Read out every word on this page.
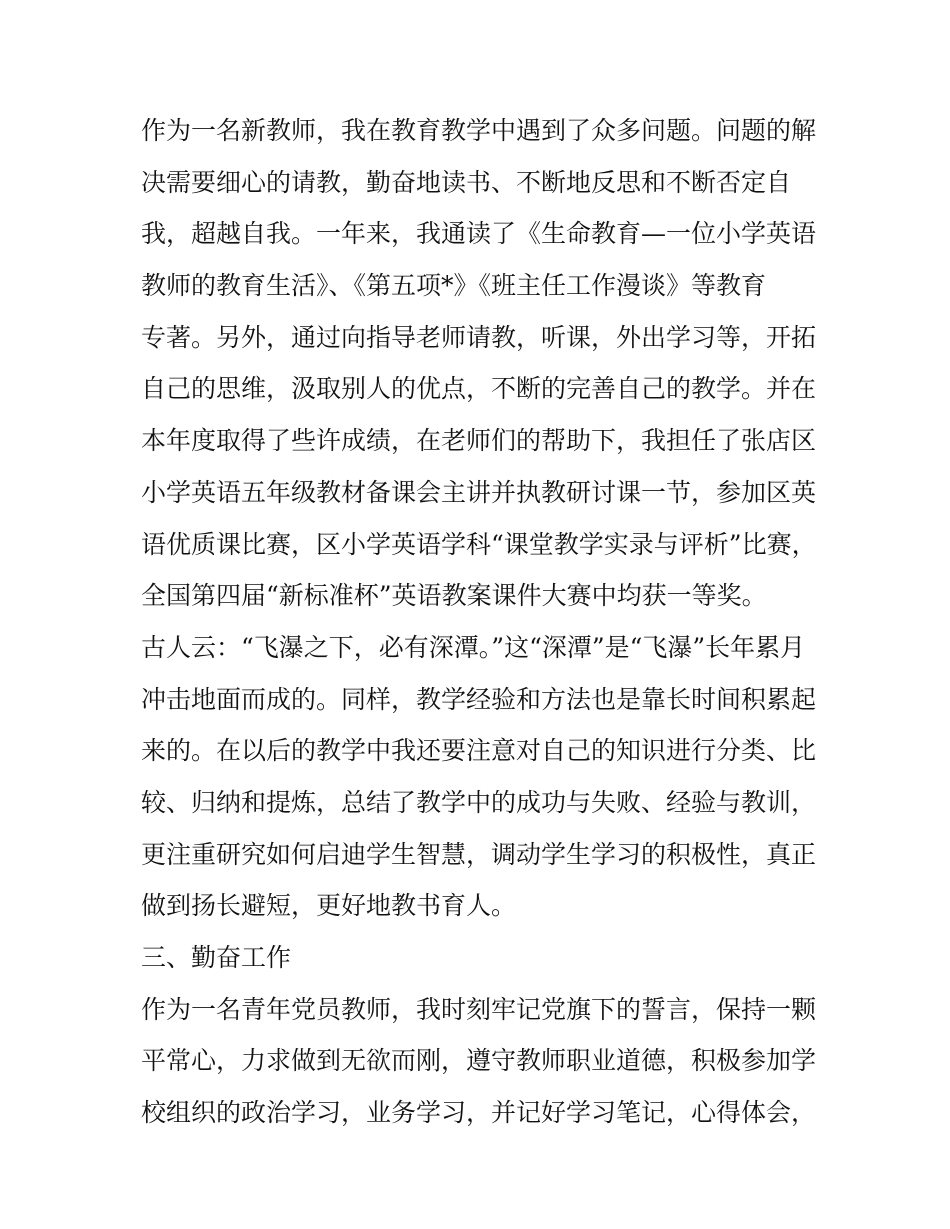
作为一名新教师，我在教育教学中遇到了众多问题。问题的解

决需要细心的请教，勤奋地读书、不断地反思和不断否定自

我，超越自我。一年来，我通读了《生命教育—一位小学英语

教师的教育生活》、《第五项*》《班主任工作漫谈》等教育

专著。另外，通过向指导老师请教，听课，外出学习等，开拓

自己的思维，汲取别人的优点，不断的完善自己的教学。并在

本年度取得了些许成绩，在老师们的帮助下，我担任了张店区

小学英语五年级教材备课会主讲并执教研讨课一节，参加区英

语优质课比赛，区小学英语学科“课堂教学实录与评析”比赛，

全国第四届“新标准杯”英语教案课件大赛中均获一等奖。

古人云：“飞瀑之下，必有深潭。”这“深潭”是“飞瀑”长年累月

冲击地面而成的。同样，教学经验和方法也是靠长时间积累起

来的。在以后的教学中我还要注意对自己的知识进行分类、比

较、归纳和提炼，总结了教学中的成功与失败、经验与教训，

更注重研究如何启迪学生智慧，调动学生学习的积极性，真正

做到扬长避短，更好地教书育人。

三、勤奋工作

作为一名青年党员教师，我时刻牢记党旗下的誓言，保持一颗

平常心，力求做到无欲而刚，遵守教师职业道德，积极参加学

校组织的政治学习，业务学习，并记好学习笔记，心得体会，
